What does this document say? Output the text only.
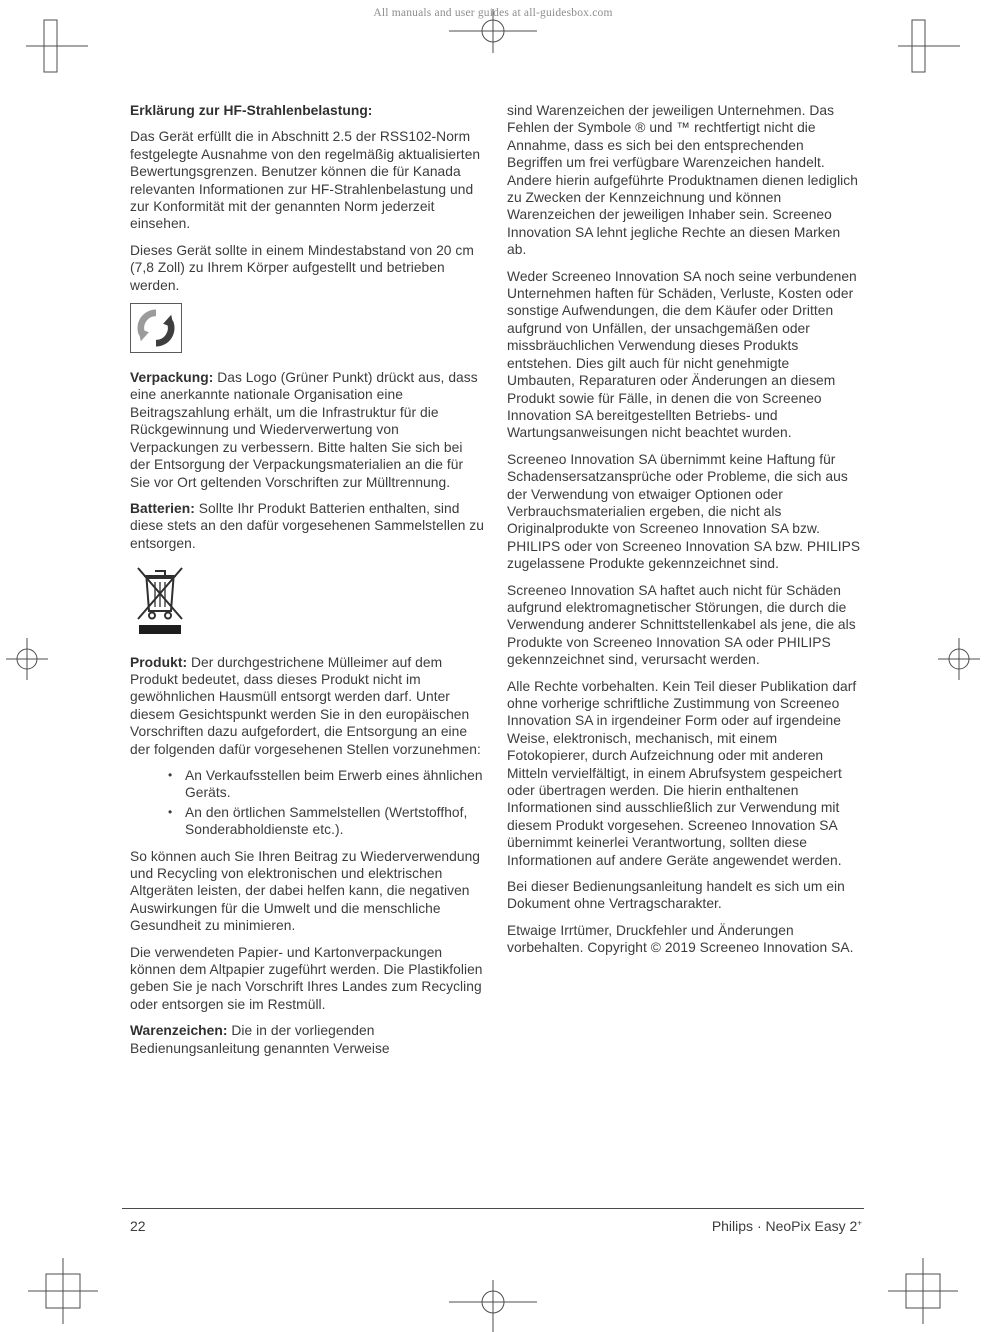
All manuals and user guides at all-guidesbox.com

Erklärung zur HF-Strahlenbelastung:

Das Gerät erfüllt die in Abschnitt 2.5 der RSS102-Norm festgelegte Ausnahme von den regelmäßig aktualisierten Bewertungsgrenzen. Benutzer können die für Kanada relevanten Informationen zur HF-Strahlenbelastung und zur Konformität mit der genannten Norm jederzeit einsehen.

Dieses Gerät sollte in einem Mindestabstand von 20 cm (7,8 Zoll) zu Ihrem Körper aufgestellt und betrieben werden.

Verpackung: Das Logo (Grüner Punkt) drückt aus, dass eine anerkannte nationale Organisation eine Beitragszahlung erhält, um die Infrastruktur für die Rückgewinnung und Wiederverwertung von Verpackungen zu verbessern. Bitte halten Sie sich bei der Entsorgung der Verpackungsmaterialien an die für Sie vor Ort geltenden Vorschriften zur Mülltrennung.

Batterien: Sollte Ihr Produkt Batterien enthalten, sind diese stets an den dafür vorgesehenen Sammelstellen zu entsorgen.

Produkt: Der durchgestrichene Mülleimer auf dem Produkt bedeutet, dass dieses Produkt nicht im gewöhnlichen Hausmüll entsorgt werden darf. Unter diesem Gesichtspunkt werden Sie in den europäischen Vorschriften dazu aufgefordert, die Entsorgung an eine der folgenden dafür vorgesehenen Stellen vorzunehmen:

• An Verkaufsstellen beim Erwerb eines ähnlichen Geräts.
• An den örtlichen Sammelstellen (Wertstoffhof, Sonderabholdienste etc.).

So können auch Sie Ihren Beitrag zu Wiederverwendung und Recycling von elektronischen und elektrischen Altgeräten leisten, der dabei helfen kann, die negativen Auswirkungen für die Umwelt und die menschliche Gesundheit zu minimieren.

Die verwendeten Papier- und Kartonverpackungen können dem Altpapier zugeführt werden. Die Plastikfolien geben Sie je nach Vorschrift Ihres Landes zum Recycling oder entsorgen sie im Restmüll.

Warenzeichen: Die in der vorliegenden Bedienungsanleitung genannten Verweise

sind Warenzeichen der jeweiligen Unternehmen. Das Fehlen der Symbole ® und ™ rechtfertigt nicht die Annahme, dass es sich bei den entsprechenden Begriffen um frei verfügbare Warenzeichen handelt. Andere hierin aufgeführte Produktnamen dienen lediglich zu Zwecken der Kennzeichnung und können Warenzeichen der jeweiligen Inhaber sein. Screeneo Innovation SA lehnt jegliche Rechte an diesen Marken ab.

Weder Screeneo Innovation SA noch seine verbundenen Unternehmen haften für Schäden, Verluste, Kosten oder sonstige Aufwendungen, die dem Käufer oder Dritten aufgrund von Unfällen, der unsachgemäßen oder missbräuchlichen Verwendung dieses Produkts entstehen. Dies gilt auch für nicht genehmigte Umbauten, Reparaturen oder Änderungen an diesem Produkt sowie für Fälle, in denen die von Screeneo Innovation SA bereitgestellten Betriebs- und Wartungsanweisungen nicht beachtet wurden.

Screeneo Innovation SA übernimmt keine Haftung für Schadensersatzansprüche oder Probleme, die sich aus der Verwendung von etwaiger Optionen oder Verbrauchsmaterialien ergeben, die nicht als Originalprodukte von Screeneo Innovation SA bzw. PHILIPS oder von Screeneo Innovation SA bzw. PHILIPS zugelassene Produkte gekennzeichnet sind.

Screeneo Innovation SA haftet auch nicht für Schäden aufgrund elektromagnetischer Störungen, die durch die Verwendung anderer Schnittstellenkabel als jene, die als Produkte von Screeneo Innovation SA oder PHILIPS gekennzeichnet sind, verursacht werden.

Alle Rechte vorbehalten. Kein Teil dieser Publikation darf ohne vorherige schriftliche Zustimmung von Screeneo Innovation SA in irgendeiner Form oder auf irgendeine Weise, elektronisch, mechanisch, mit einem Fotokopierer, durch Aufzeichnung oder mit anderen Mitteln vervielfältigt, in einem Abrufsystem gespeichert oder übertragen werden. Die hierin enthaltenen Informationen sind ausschließlich zur Verwendung mit diesem Produkt vorgesehen. Screeneo Innovation SA übernimmt keinerlei Verantwortung, sollten diese Informationen auf andere Geräte angewendet werden.

Bei dieser Bedienungsanleitung handelt es sich um ein Dokument ohne Vertragscharakter.

Etwaige Irrtümer, Druckfehler und Änderungen vorbehalten. Copyright © 2019 Screeneo Innovation SA.

22	Philips · NeoPix Easy 2+
